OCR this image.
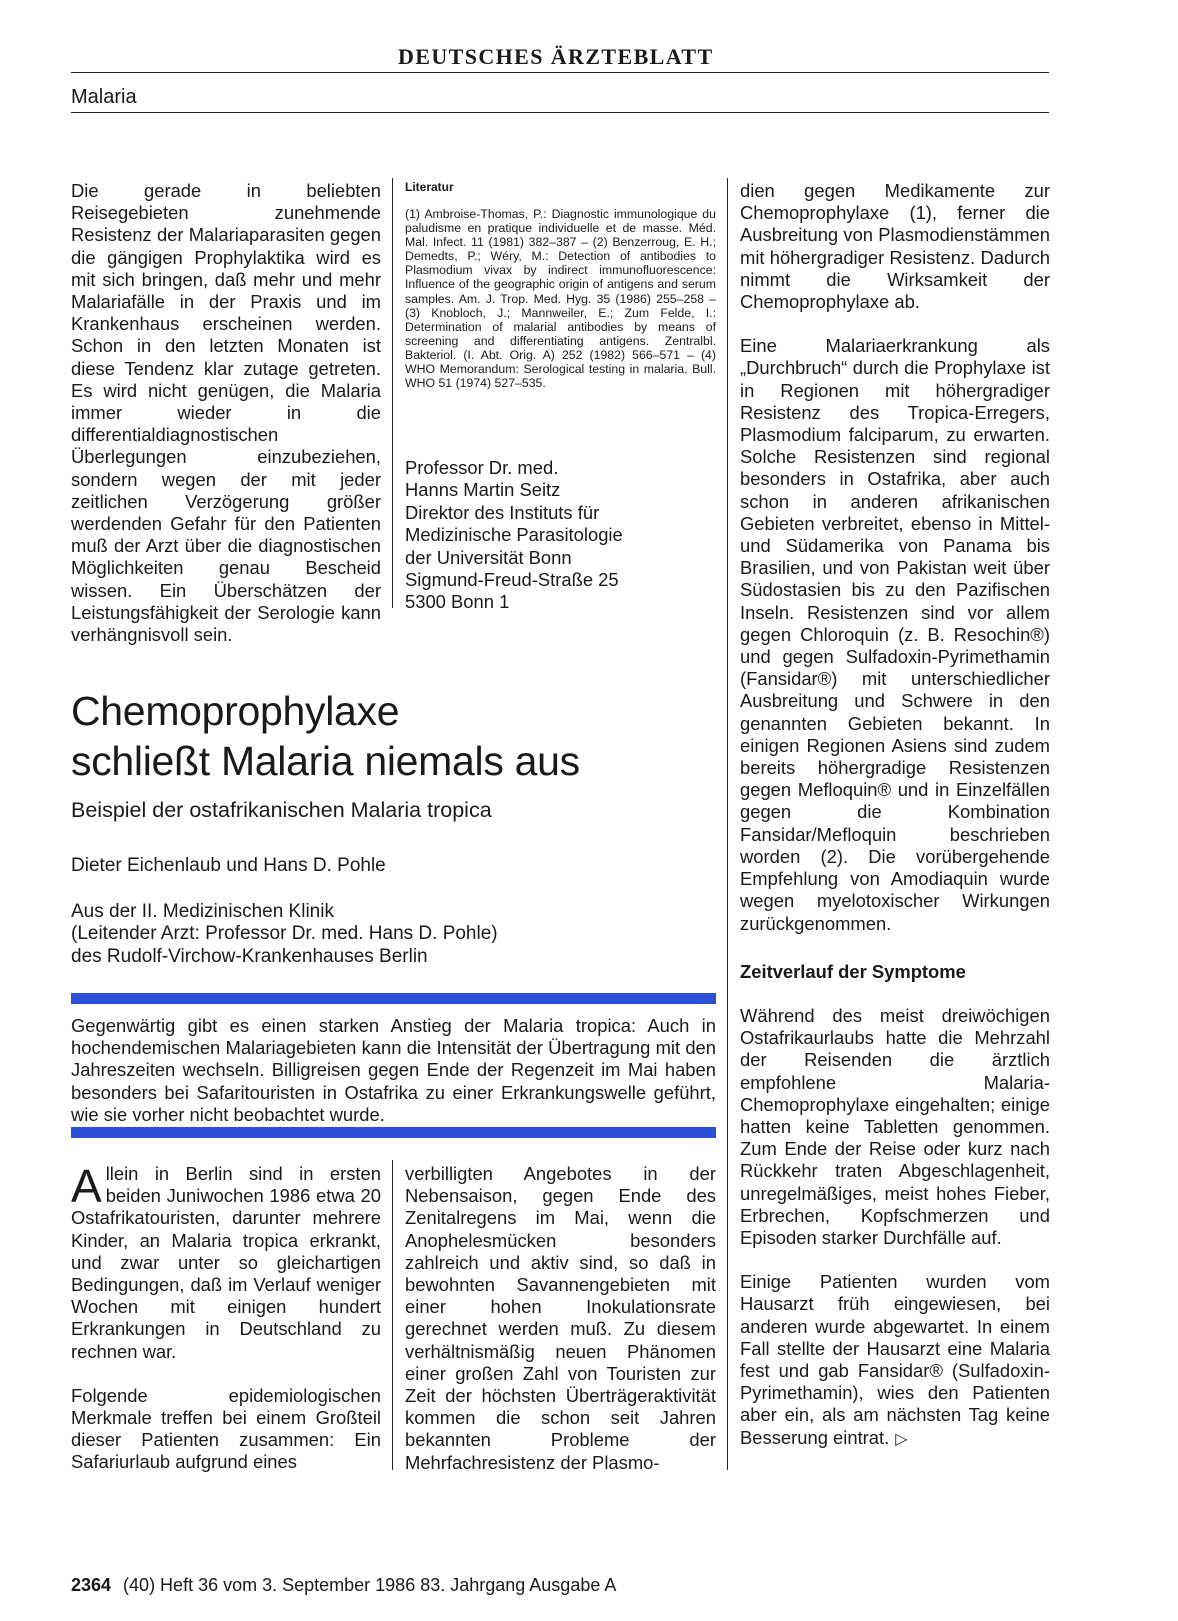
DEUTSCHES ÄRZTEBLATT
Malaria

Die gerade in beliebten Reisegebieten zunehmende Resistenz der Malariaparasiten gegen die gängigen Prophylaktika wird es mit sich bringen, daß mehr und mehr Malariafälle in der Praxis und im Krankenhaus erscheinen werden. Schon in den letzten Monaten ist diese Tendenz klar zutage getreten. Es wird nicht genügen, die Malaria immer wieder in die differentialdiagnostischen Überlegungen einzubeziehen, sondern wegen der mit jeder zeitlichen Verzögerung größer werdenden Gefahr für den Patienten muß der Arzt über die diagnostischen Möglichkeiten genau Bescheid wissen. Ein Überschätzen der Leistungsfähigkeit der Serologie kann verhängnisvoll sein.

Literatur
(1) Ambroise-Thomas, P.: Diagnostic immunologique du paludisme en pratique individuelle et de masse. Méd. Mal. Infect. 11 (1981) 382–387 – (2) Benzerroug, E. H.; Demedts, P.; Wéry, M.: Detection of antibodies to Plasmodium vivax by indirect immunofluorescence: Influence of the geographic origin of antigens and serum samples. Am. J. Trop. Med. Hyg. 35 (1986) 255–258 – (3) Knobloch, J.; Mannweiler, E.; Zum Felde, I.: Determination of malarial antibodies by means of screening and differentiating antigens. Zentralbl. Bakteriol. (I. Abt. Orig. A) 252 (1982) 566–571 – (4) WHO Memorandum: Serological testing in malaria. Bull. WHO 51 (1974) 527–535.
Professor Dr. med.
Hanns Martin Seitz
Direktor des Instituts für
Medizinische Parasitologie
der Universität Bonn
Sigmund-Freud-Straße 25
5300 Bonn 1

dien gegen Medikamente zur Chemoprophylaxe (1), ferner die Ausbreitung von Plasmodienstämmen mit höhergradiger Resistenz. Dadurch nimmt die Wirksamkeit der Chemoprophylaxe ab.

Eine Malariaerkrankung als „Durchbruch“ durch die Prophylaxe ist in Regionen mit höhergradiger Resistenz des Tropica-Erregers, Plasmodium falciparum, zu erwarten. Solche Resistenzen sind regional besonders in Ostafrika, aber auch schon in anderen afrikanischen Gebieten verbreitet, ebenso in Mittel- und Südamerika von Panama bis Brasilien, und von Pakistan weit über Südostasien bis zu den Pazifischen Inseln. Resistenzen sind vor allem gegen Chloroquin (z. B. Resochin®) und gegen Sulfadoxin-Pyrimethamin (Fansidar®) mit unterschiedlicher Ausbreitung und Schwere in den genannten Gebieten bekannt. In einigen Regionen Asiens sind zudem bereits höhergradige Resistenzen gegen Mefloquin® und in Einzelfällen gegen die Kombination Fansidar/Mefloquin beschrieben worden (2). Die vorübergehende Empfehlung von Amodiaquin wurde wegen myelotoxischer Wirkungen zurückgenommen.

Zeitverlauf der Symptome

Während des meist dreiwöchigen Ostafrikaurlaubs hatte die Mehrzahl der Reisenden die ärztlich empfohlene Malaria-Chemoprophylaxe eingehalten; einige hatten keine Tabletten genommen. Zum Ende der Reise oder kurz nach Rückkehr traten Abgeschlagenheit, unregelmäßiges, meist hohes Fieber, Erbrechen, Kopfschmerzen und Episoden starker Durchfälle auf.

Einige Patienten wurden vom Hausarzt früh eingewiesen, bei anderen wurde abgewartet. In einem Fall stellte der Hausarzt eine Malaria fest und gab Fansidar® (Sulfadoxin-Pyrimethamin), wies den Patienten aber ein, als am nächsten Tag keine Besserung eintrat. ▷

Chemoprophylaxe
schließt Malaria niemals aus
Beispiel der ostafrikanischen Malaria tropica
Dieter Eichenlaub und Hans D. Pohle
Aus der II. Medizinischen Klinik
(Leitender Arzt: Professor Dr. med. Hans D. Pohle)
des Rudolf-Virchow-Krankenhauses Berlin
Gegenwärtig gibt es einen starken Anstieg der Malaria tropica: Auch in hochendemischen Malariagebieten kann die Intensität der Übertragung mit den Jahreszeiten wechseln. Billigreisen gegen Ende der Regenzeit im Mai haben besonders bei Safaritouristen in Ostafrika zu einer Erkrankungswelle geführt, wie sie vorher nicht beobachtet wurde.

Allein in Berlin sind in ersten beiden Juniwochen 1986 etwa 20 Ostafrikatouristen, darunter mehrere Kinder, an Malaria tropica erkrankt, und zwar unter so gleichartigen Bedingungen, daß im Verlauf weniger Wochen mit einigen hundert Erkrankungen in Deutschland zu rechnen war.

Folgende epidemiologischen Merkmale treffen bei einem Großteil dieser Patienten zusammen: Ein Safariurlaub aufgrund eines

verbilligten Angebotes in der Nebensaison, gegen Ende des Zenitalregens im Mai, wenn die Anophelesmücken besonders zahlreich und aktiv sind, so daß in bewohnten Savannengebieten mit einer hohen Inokulationsrate gerechnet werden muß. Zu diesem verhältnismäßig neuen Phänomen einer großen Zahl von Touristen zur Zeit der höchsten Überträgeraktivität kommen die schon seit Jahren bekannten Probleme der Mehrfachresistenz der Plasmo-

2364 (40) Heft 36 vom 3. September 1986 83. Jahrgang Ausgabe A
